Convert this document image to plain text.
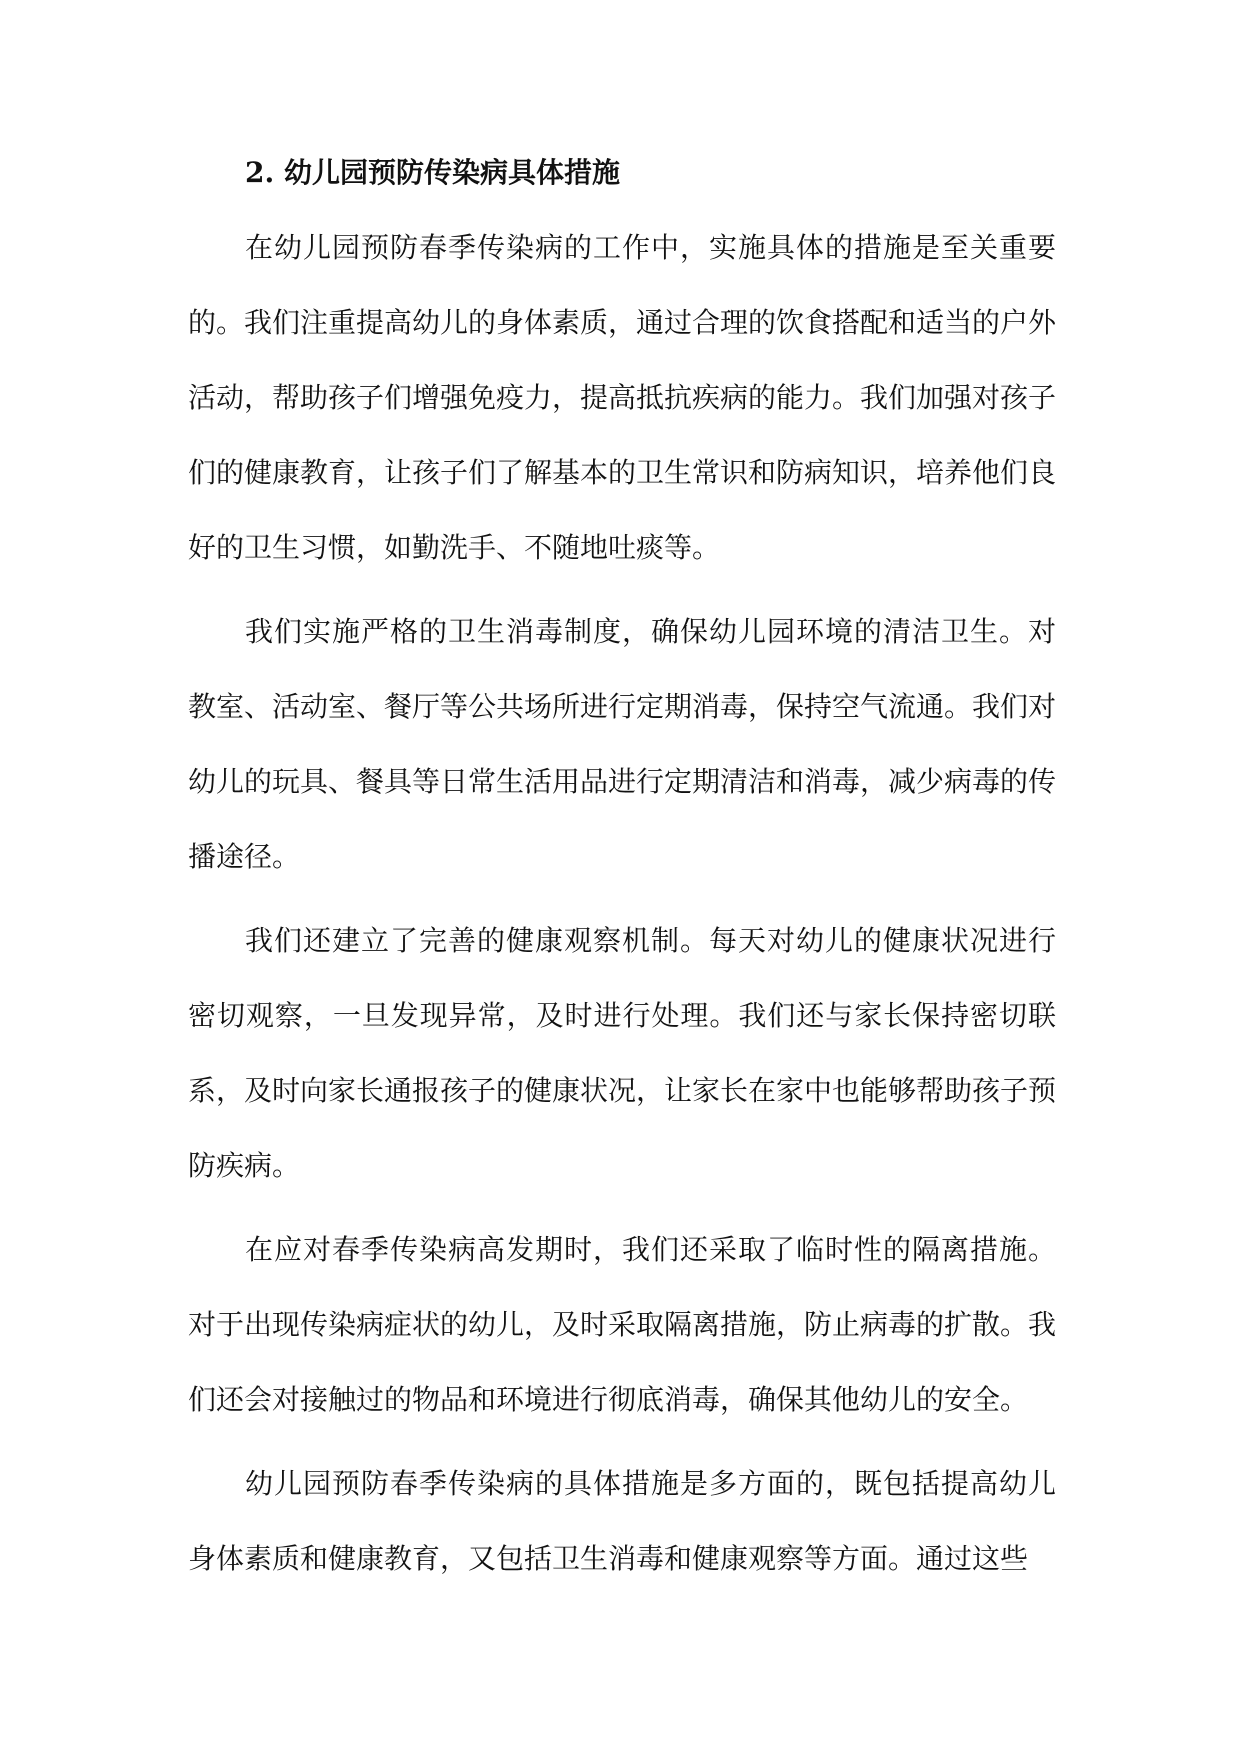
2. 幼儿园预防传染病具体措施

在幼儿园预防春季传染病的工作中，实施具体的措施是至关重要的。我们注重提高幼儿的身体素质，通过合理的饮食搭配和适当的户外活动，帮助孩子们增强免疫力，提高抵抗疾病的能力。我们加强对孩子们的健康教育，让孩子们了解基本的卫生常识和防病知识，培养他们良好的卫生习惯，如勤洗手、不随地吐痰等。

我们实施严格的卫生消毒制度，确保幼儿园环境的清洁卫生。对教室、活动室、餐厅等公共场所进行定期消毒，保持空气流通。我们对幼儿的玩具、餐具等日常生活用品进行定期清洁和消毒，减少病毒的传播途径。

我们还建立了完善的健康观察机制。每天对幼儿的健康状况进行密切观察，一旦发现异常，及时进行处理。我们还与家长保持密切联系，及时向家长通报孩子的健康状况，让家长在家中也能够帮助孩子预防疾病。

在应对春季传染病高发期时，我们还采取了临时性的隔离措施。对于出现传染病症状的幼儿，及时采取隔离措施，防止病毒的扩散。我们还会对接触过的物品和环境进行彻底消毒，确保其他幼儿的安全。

幼儿园预防春季传染病的具体措施是多方面的，既包括提高幼儿身体素质和健康教育，又包括卫生消毒和健康观察等方面。通过这些
